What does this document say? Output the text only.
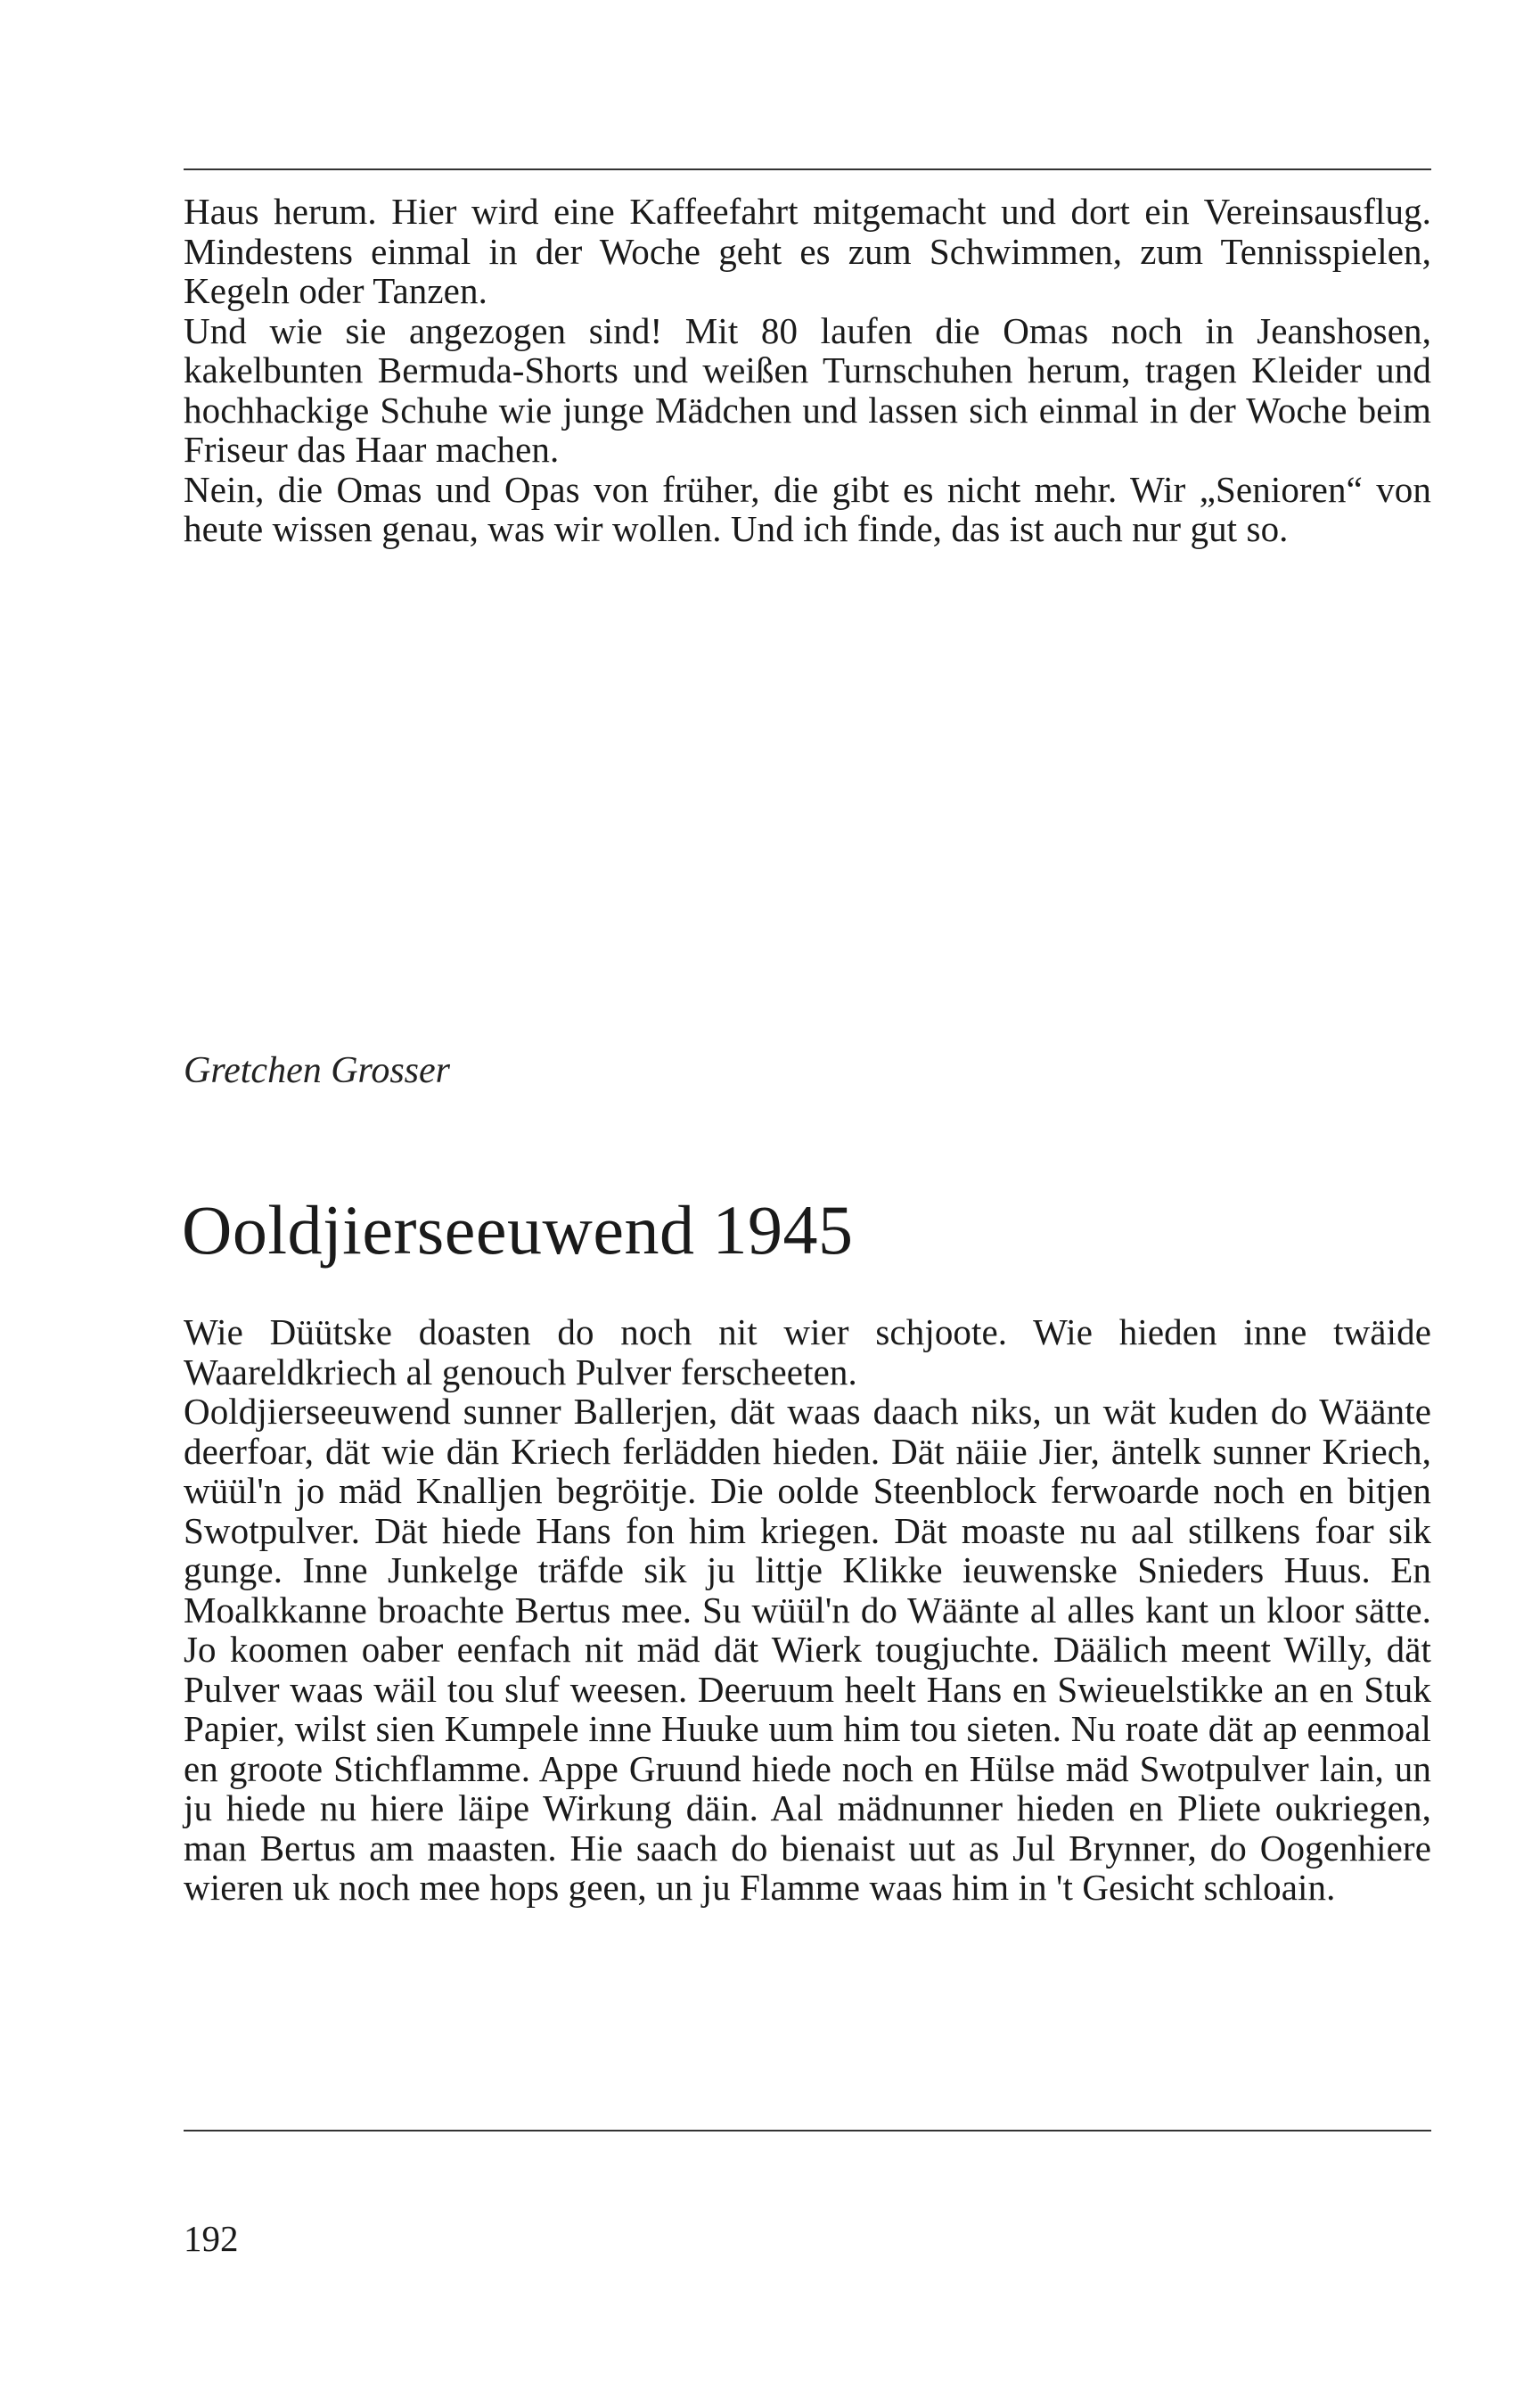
Haus herum. Hier wird eine Kaffeefahrt mitgemacht und dort ein Vereinsausflug. Mindestens einmal in der Woche geht es zum Schwimmen, zum Tennisspielen, Kegeln oder Tanzen.

Und wie sie angezogen sind! Mit 80 laufen die Omas noch in Jeanshosen, kakelbunten Bermuda-Shorts und weißen Turnschuhen herum, tragen Kleider und hochhackige Schuhe wie junge Mädchen und lassen sich einmal in der Woche beim Friseur das Haar machen.

Nein, die Omas und Opas von früher, die gibt es nicht mehr. Wir „Senioren“ von heute wissen genau, was wir wollen. Und ich finde, das ist auch nur gut so.

Gretchen Grosser
Ooldjierseeuwend 1945

Wie Düütske doasten do noch nit wier schjoote. Wie hieden inne twäide Waareldkriech al genouch Pulver ferscheeten.

Ooldjierseeuwend sunner Ballerjen, dät waas daach niks, un wät kuden do Wäänte deerfoar, dät wie dän Kriech ferlädden hieden. Dät näiie Jier, äntelk sunner Kriech, wüül'n jo mäd Knalljen begröitje. Die oolde Steenblock ferwoarde noch en bitjen Swotpulver. Dät hiede Hans fon him kriegen. Dät moaste nu aal stilkens foar sik gunge. Inne Junkelge träfde sik ju littje Klikke ieuwenske Snieders Huus. En Moalkkanne broachte Bertus mee. Su wüül'n do Wäänte al alles kant un kloor sätte. Jo koomen oaber eenfach nit mäd dät Wierk tougjuchte. Däälich meent Willy, dät Pulver waas wäil tou sluf weesen. Deeruum heelt Hans en Swieuelstikke an en Stuk Papier, wilst sien Kumpele inne Huuke uum him tou sieten. Nu roate dät ap eenmoal en groote Stichflamme. Appe Gruund hiede noch en Hülse mäd Swotpulver lain, un ju hiede nu hiere läipe Wirkung däin. Aal mädnunner hieden en Pliete oukriegen, man Bertus am maasten. Hie saach do bienaist uut as Jul Brynner, do Oogenhiere wieren uk noch mee hops geen, un ju Flamme waas him in 't Gesicht schloain.

192
